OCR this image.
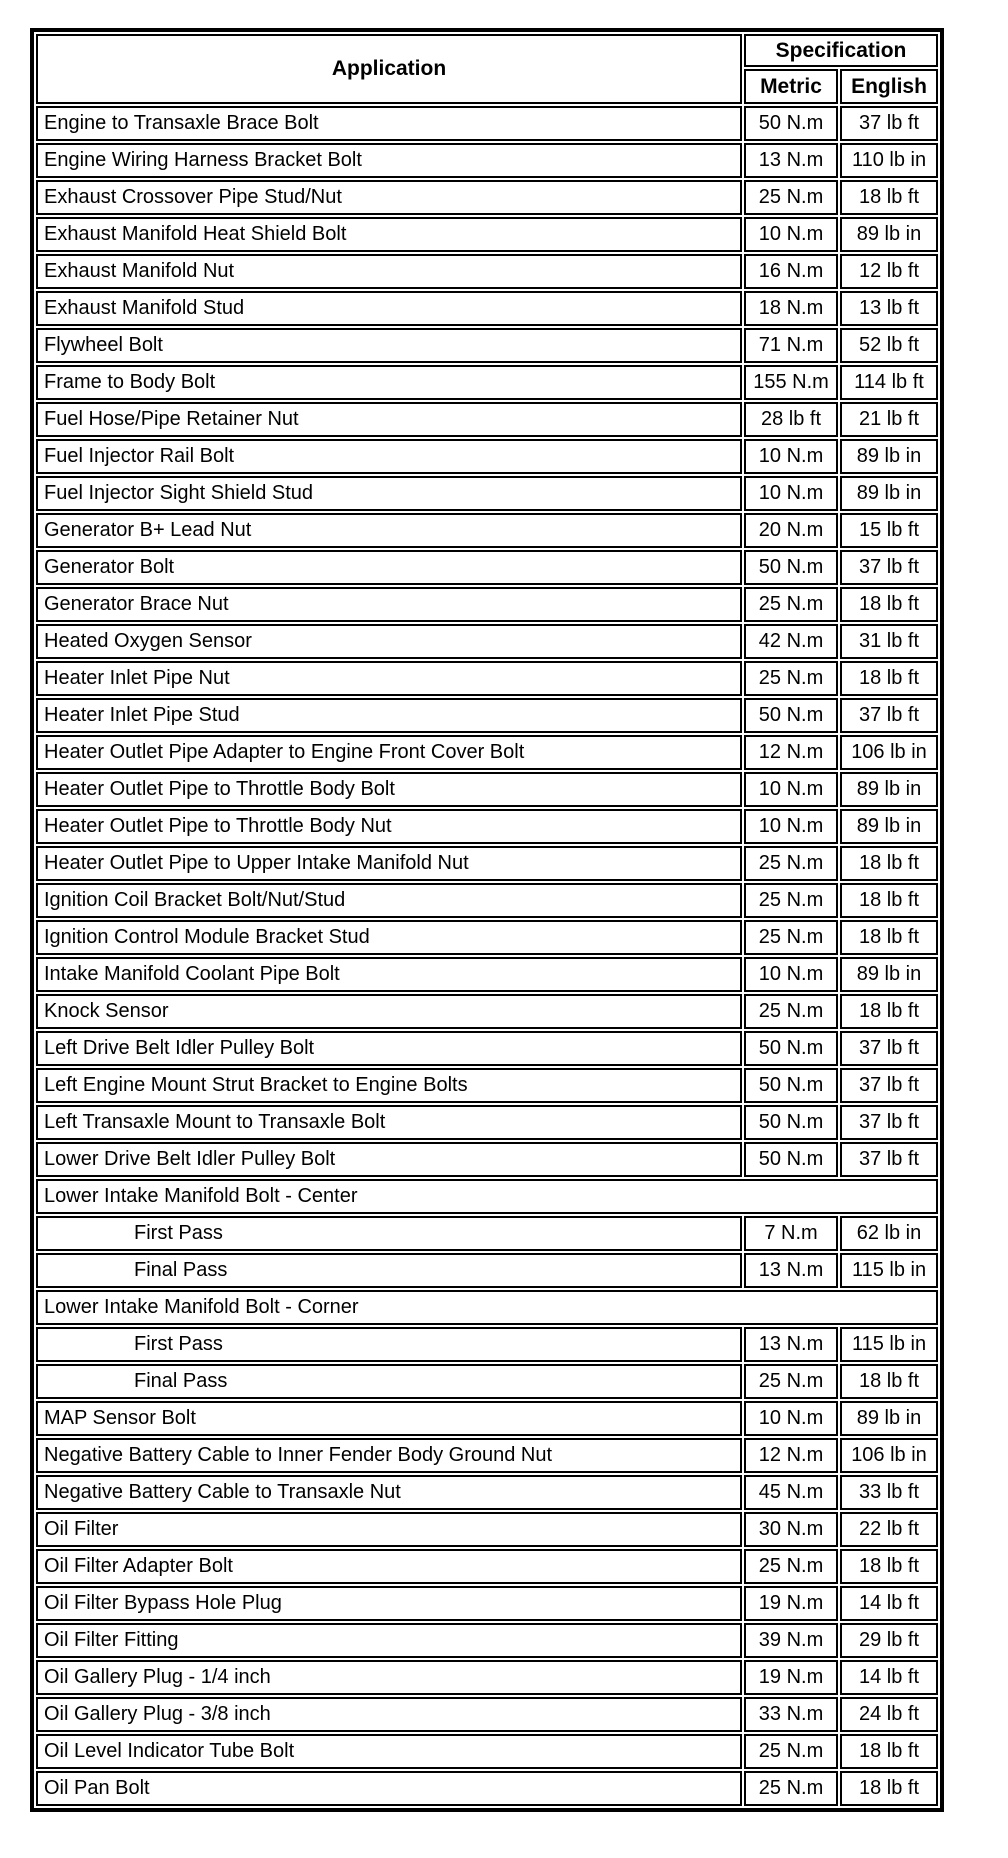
Application	Specification	
	Metric	English
Engine to Transaxle Brace Bolt	50 N.m	37 lb ft
Engine Wiring Harness Bracket Bolt	13 N.m	110 lb in
Exhaust Crossover Pipe Stud/Nut	25 N.m	18 lb ft
Exhaust Manifold Heat Shield Bolt	10 N.m	89 lb in
Exhaust Manifold Nut	16 N.m	12 lb ft
Exhaust Manifold Stud	18 N.m	13 lb ft
Flywheel Bolt	71 N.m	52 lb ft
Frame to Body Bolt	155 N.m	114 lb ft
Fuel Hose/Pipe Retainer Nut	28 lb ft	21 lb ft
Fuel Injector Rail Bolt	10 N.m	89 lb in
Fuel Injector Sight Shield Stud	10 N.m	89 lb in
Generator B+ Lead Nut	20 N.m	15 lb ft
Generator Bolt	50 N.m	37 lb ft
Generator Brace Nut	25 N.m	18 lb ft
Heated Oxygen Sensor	42 N.m	31 lb ft
Heater Inlet Pipe Nut	25 N.m	18 lb ft
Heater Inlet Pipe Stud	50 N.m	37 lb ft
Heater Outlet Pipe Adapter to Engine Front Cover Bolt	12 N.m	106 lb in
Heater Outlet Pipe to Throttle Body Bolt	10 N.m	89 lb in
Heater Outlet Pipe to Throttle Body Nut	10 N.m	89 lb in
Heater Outlet Pipe to Upper Intake Manifold Nut	25 N.m	18 lb ft
Ignition Coil Bracket Bolt/Nut/Stud	25 N.m	18 lb ft
Ignition Control Module Bracket Stud	25 N.m	18 lb ft
Intake Manifold Coolant Pipe Bolt	10 N.m	89 lb in
Knock Sensor	25 N.m	18 lb ft
Left Drive Belt Idler Pulley Bolt	50 N.m	37 lb ft
Left Engine Mount Strut Bracket to Engine Bolts	50 N.m	37 lb ft
Left Transaxle Mount to Transaxle Bolt	50 N.m	37 lb ft
Lower Drive Belt Idler Pulley Bolt	50 N.m	37 lb ft
Lower Intake Manifold Bolt - Center		
First Pass	7 N.m	62 lb in
Final Pass	13 N.m	115 lb in
Lower Intake Manifold Bolt - Corner		
First Pass	13 N.m	115 lb in
Final Pass	25 N.m	18 lb ft
MAP Sensor Bolt	10 N.m	89 lb in
Negative Battery Cable to Inner Fender Body Ground Nut	12 N.m	106 lb in
Negative Battery Cable to Transaxle Nut	45 N.m	33 lb ft
Oil Filter	30 N.m	22 lb ft
Oil Filter Adapter Bolt	25 N.m	18 lb ft
Oil Filter Bypass Hole Plug	19 N.m	14 lb ft
Oil Filter Fitting	39 N.m	29 lb ft
Oil Gallery Plug - 1/4 inch	19 N.m	14 lb ft
Oil Gallery Plug - 3/8 inch	33 N.m	24 lb ft
Oil Level Indicator Tube Bolt	25 N.m	18 lb ft
Oil Pan Bolt	25 N.m	18 lb ft
